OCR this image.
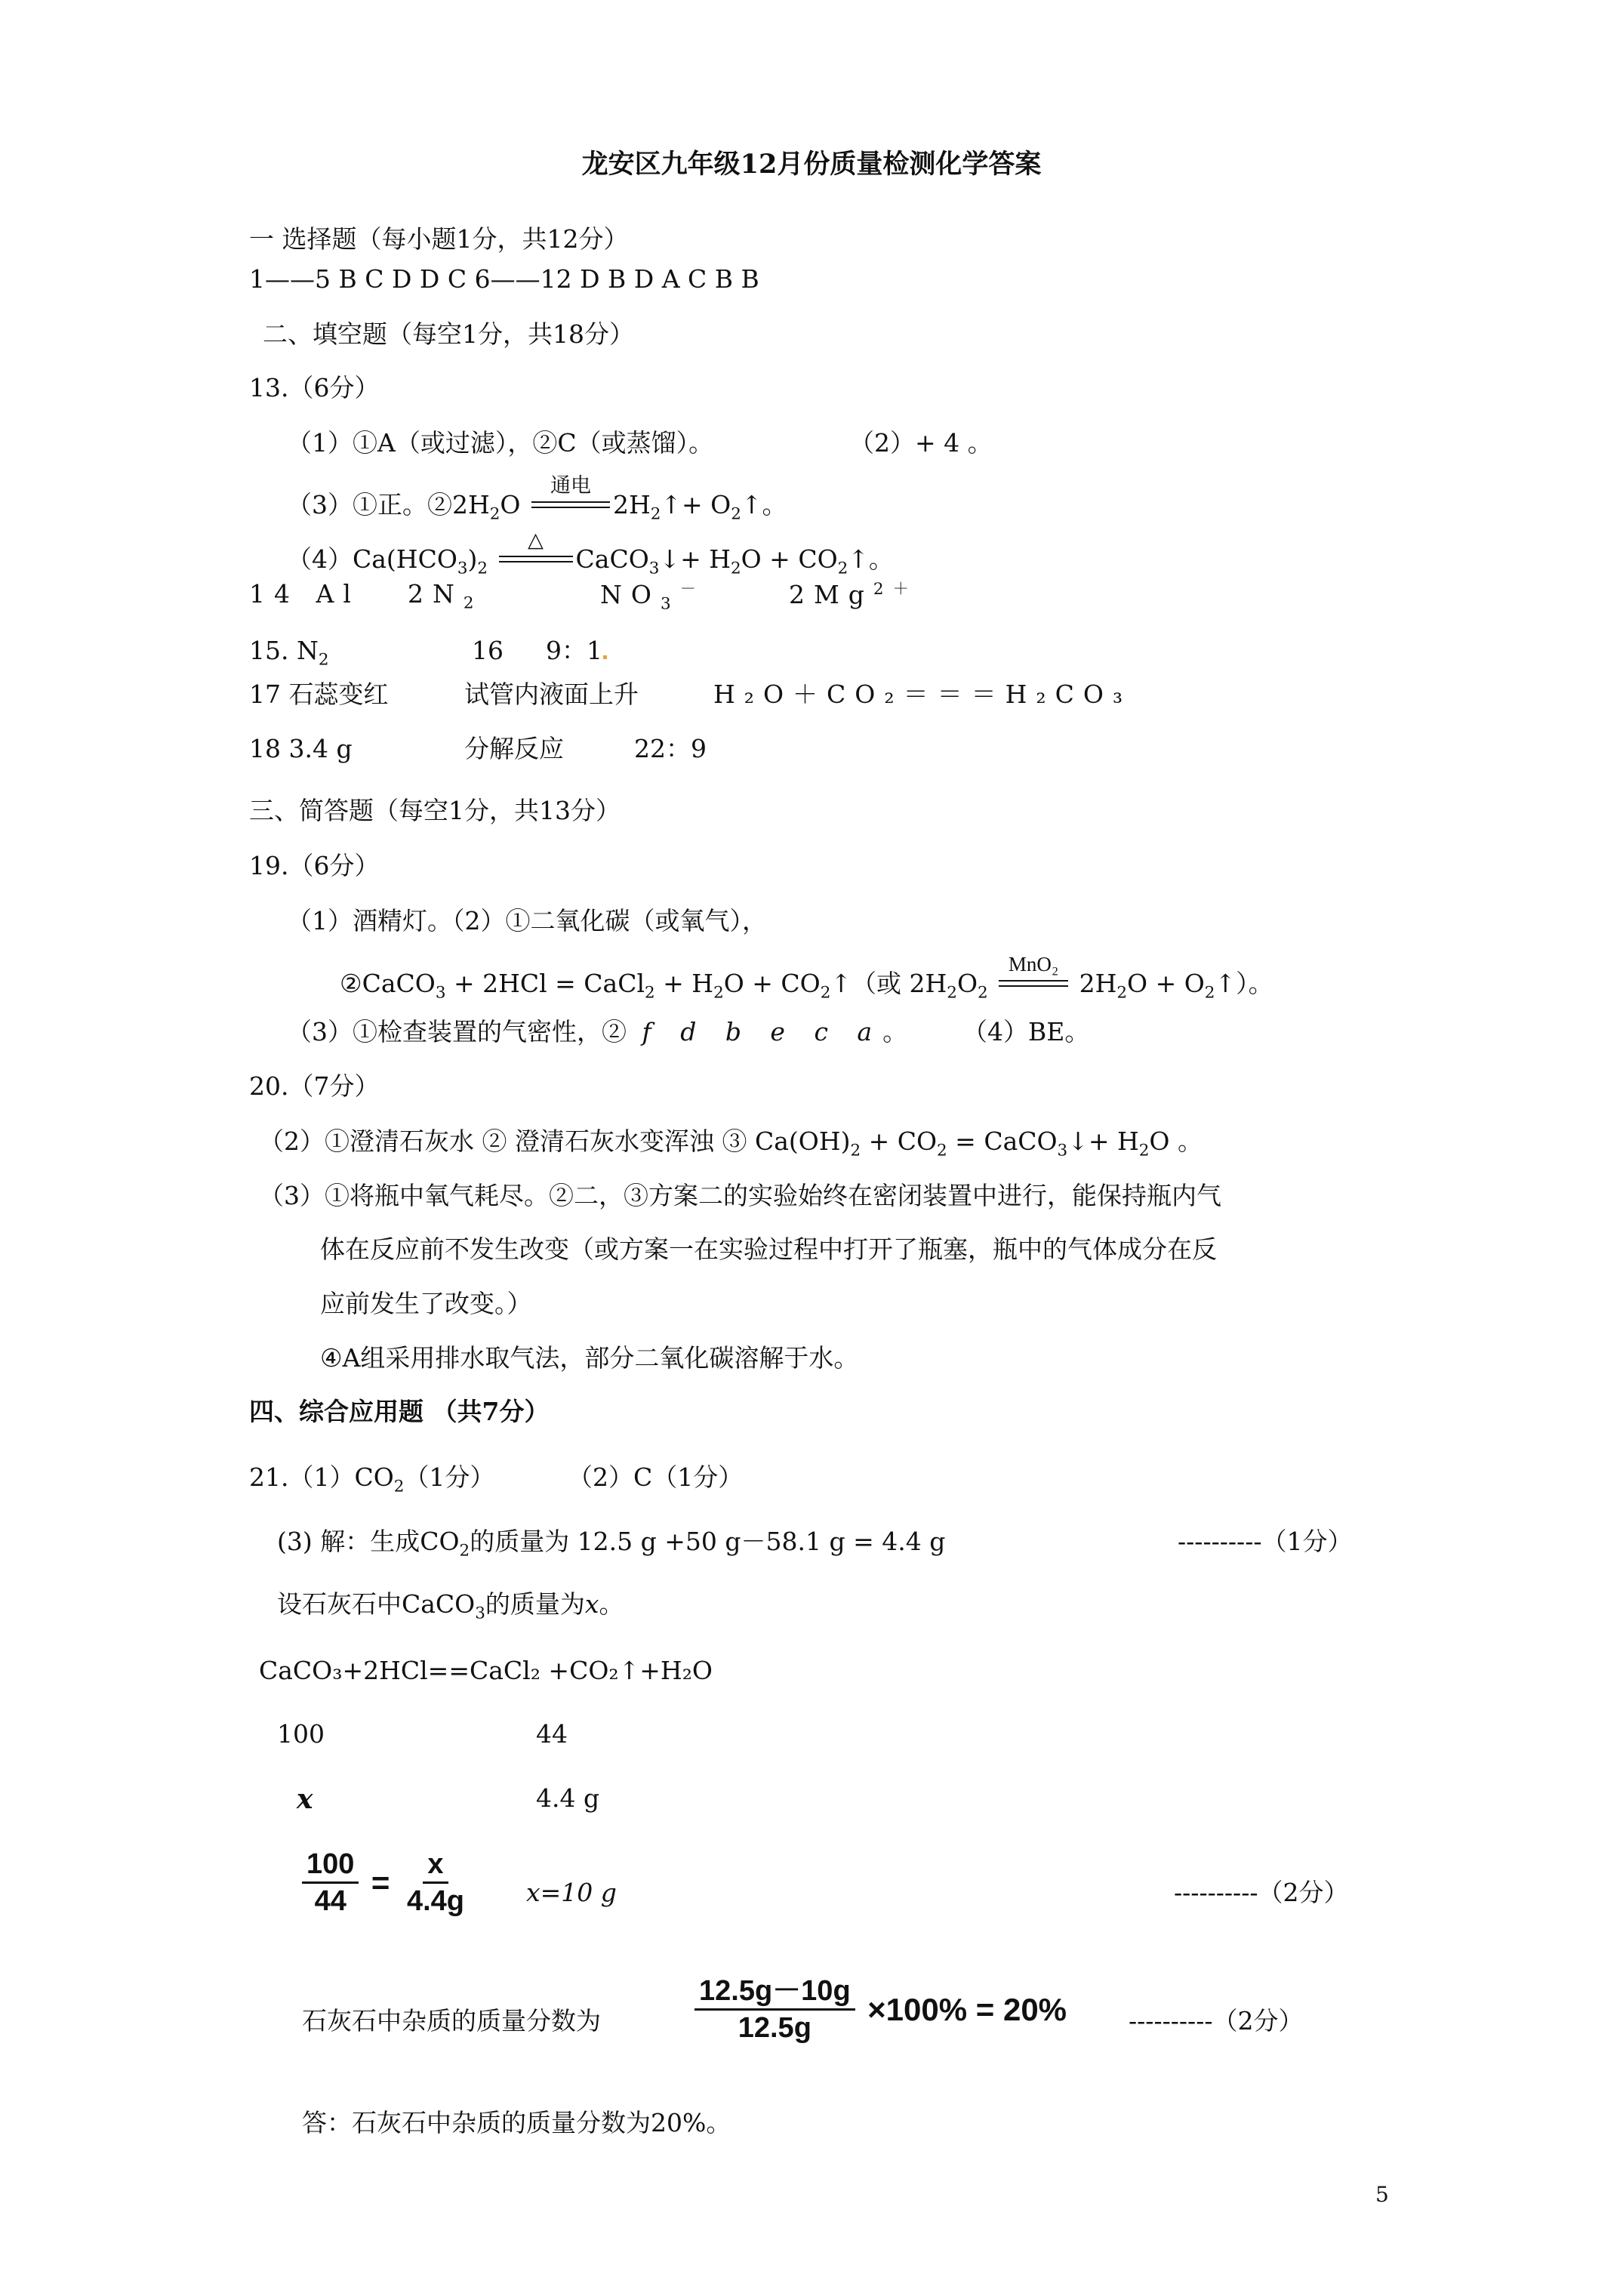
龙安区九年级12月份质量检测化学答案
一 选择题（每小题1分，共12分）
1——5 B C D D C 6——12 D B D A C B B
二、填空题（每空1分，共18分）
13.（6分）
（1）①A（或过滤），②C（或蒸馏）。	（2）+ 4 。
（3）①正。$②2H_2O$
通电
$2H_2↑+$ $O_2↑$。
$(4)Ca(HCO_3)_2$
△
CaCO$_3$↓+ $H_2O$ + $CO_2↑$。
14 Al $2N_2$	$NO_3^-$	$2Mg^{2+}$
15. $N_2$	16 9：1
17 石蕊变红	试管内液面上升	H₂O＋CO₂＝＝＝H₂CO₃
18 3.4 g	分解反应	22：9
三、简答题（每空1分，共13分）
19.（6分）
（1）酒精灯。（2）①二氧化碳（或氧气），
②CaCO$_3$ + 2HCl = CaCl$_2$ + $H_2O$ + $CO_2↑$（或 $2H_2O_2$
MnO₂
$2H_2O$ + $O_2↑$）。
（3）①检查装置的气密性，② f d b e c a。 （4）BE。
20.（7分）
（2）①澄清石灰水 ② 澄清石灰水变浑浊 ③ $Ca(OH)_2 + CO_2$ = CaCO$_3$↓+ $H_2O$ 。
（3）①将瓶中氧气耗尽。②二，③方案二的实验始终在密闭装置中进行，能保持瓶内气
体在反应前不发生改变（或方案一在实验过程中打开了瓶塞，瓶中的气体成分在反
应前发生了改变。）
④A组采用排水取气法，部分二氧化碳溶解于水。
四、综合应用题 （共7分）
$21.(1)CO_2(1$分）	（2）C（1分）
(3) 解：生成$CO_2$的质量为 12.5 g +50 g－58.1 g = 4.4 g	----------（1分）
设石灰石中CaCO$_3$的质量为x。
CaCO₃+2HCl==CaCl₂ +CO₂↑+H₂O
100	44
x	4.4 g
$\frac{100}{44} = \frac{x}{4.4g} x=10$ g	----------（2分）
石灰石中杂质的质量分数为	$\frac{12.5g-10g}{12.5g} \times 100\% = 20\%$ ----------（2分）
答：石灰石中杂质的质量分数为20%。
5
